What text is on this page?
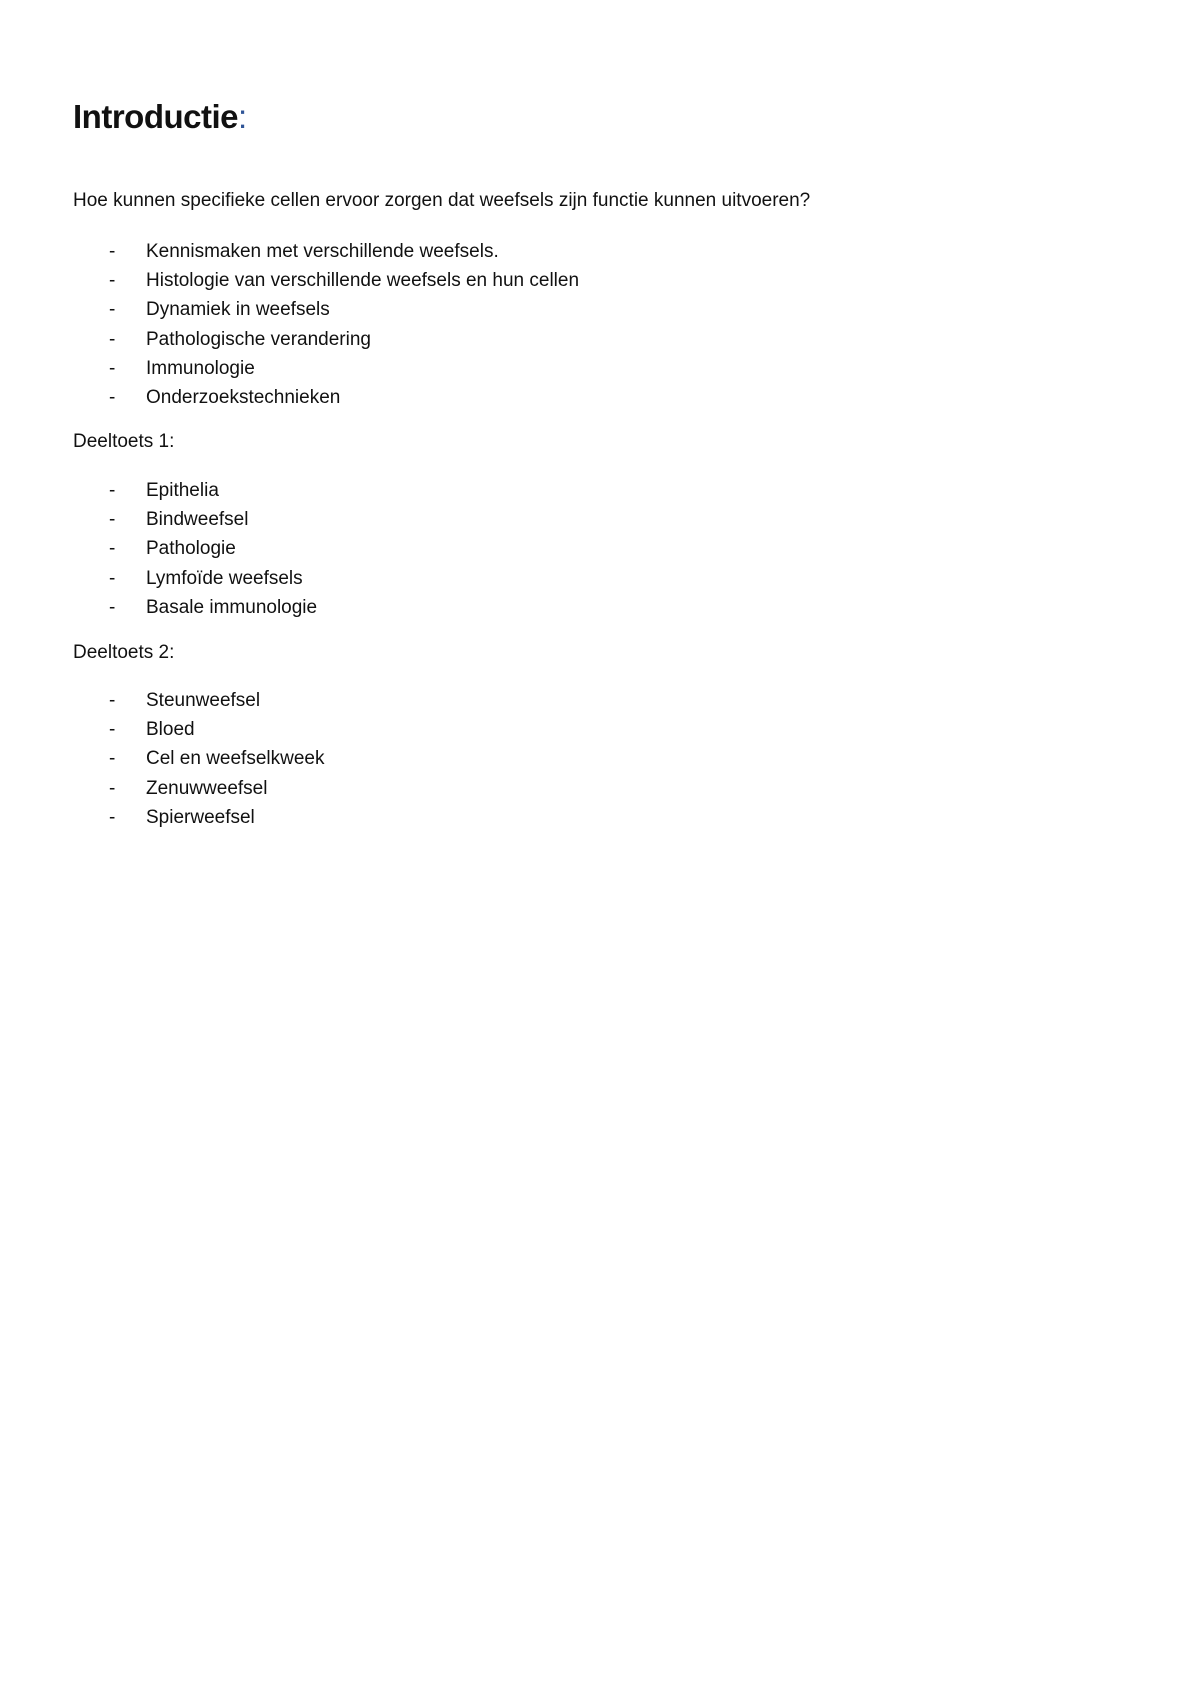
Introductie:

Hoe kunnen specifieke cellen ervoor zorgen dat weefsels zijn functie kunnen uitvoeren?

- Kennismaken met verschillende weefsels.
- Histologie van verschillende weefsels en hun cellen
- Dynamiek in weefsels
- Pathologische verandering
- Immunologie
- Onderzoekstechnieken

Deeltoets 1:

- Epithelia
- Bindweefsel
- Pathologie
- Lymfoïde weefsels
- Basale immunologie

Deeltoets 2:

- Steunweefsel
- Bloed
- Cel en weefselkweek
- Zenuwweefsel
- Spierweefsel
